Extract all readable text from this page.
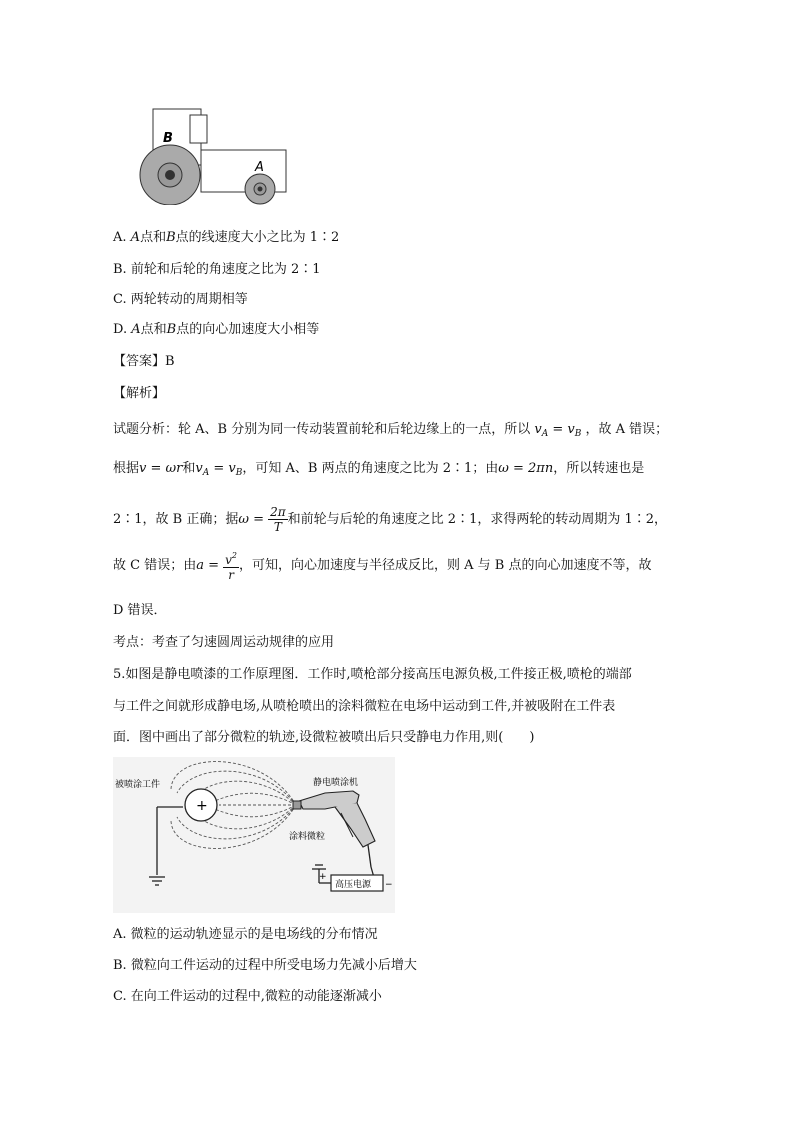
B
A
A. A点和B点的线速度大小之比为 1∶2
B. 前轮和后轮的角速度之比为 2∶1
C. 两轮转动的周期相等
D. A点和B点的向心加速度大小相等
【答案】B
【解析】
试题分析：轮 A、B 分别为同一传动装置前轮和后轮边缘上的一点，所以 $v_A = v_B$ ，故 A 错误；
根据v = ωr和$v_A = v_B$，可知 A、B 两点的角速度之比为 2∶1；由ω = 2πn，所以转速也是
2∶1，故 B 正确；据$\omega = \frac{2\pi}{T}$ 和前轮与后轮的角速度之比 2∶1，求得两轮的转动周期为 1∶2，
故 C 错误；由$a = \frac{v^2}{r}$ ，可知，向心加速度与半径成反比，则 A 与 B 点的向心加速度不等，故
D 错误．
考点：考查了匀速圆周运动规律的应用
5.如图是静电喷漆的工作原理图．工作时,喷枪部分接高压电源负极,工件接正极,喷枪的端部
与工件之间就形成静电场,从喷枪喷出的涂料微粒在电场中运动到工件,并被吸附在工件表
面．图中画出了部分微粒的轨迹,设微粒被喷出后只受静电力作用,则(　　)
+
高压电源
+
被喷涂工件	静电喷涂机
涂料微粒
−
A. 微粒的运动轨迹显示的是电场线的分布情况
B. 微粒向工件运动的过程中所受电场力先减小后增大
C. 在向工件运动的过程中,微粒的动能逐渐减小
